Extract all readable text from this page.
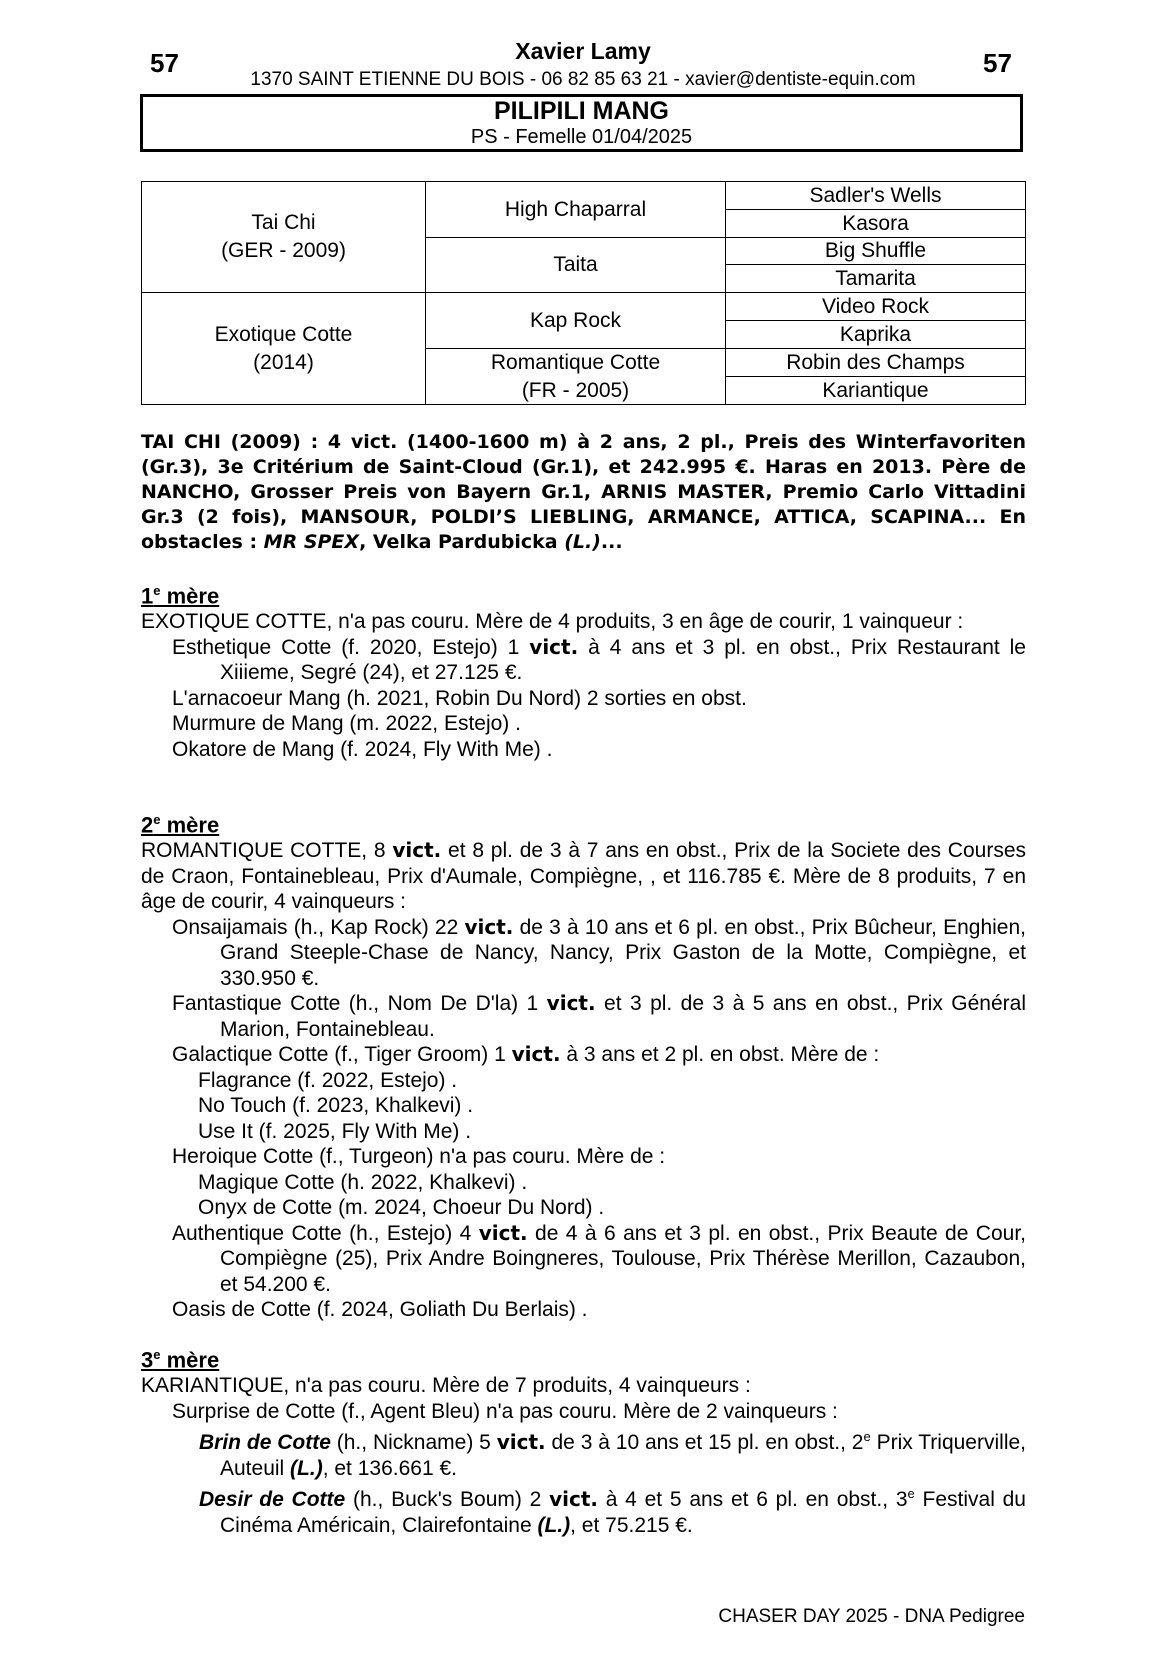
57	57
Xavier Lamy
1370 SAINT ETIENNE DU BOIS - 06 82 85 63 21 - xavier@dentiste-equin.com
PILIPILI MANG
PS - Femelle 01/04/2025
Tai Chi
(GER - 2009)
Exotique Cotte
(2014)
High Chaparral
Taita
Kap Rock
Romantique Cotte
(FR - 2005)
Sadler's Wells
Kasora
Big Shuffle
Tamarita
Video Rock
Kaprika
Robin des Champs
Kariantique
TAI CHI (2009) : 4 vict. (1400-1600 m) à 2 ans, 2 pl., Preis des Winterfavoriten (Gr.3), 3e Critérium de Saint-Cloud (Gr.1), et 242.995 €. Haras en 2013. Père de NANCHO, Grosser Preis von Bayern Gr.1, ARNIS MASTER, Premio Carlo Vittadini Gr.3 (2 fois), MANSOUR, POLDI’S LIEBLING, ARMANCE, ATTICA, SCAPINA... En obstacles : MR SPEX, Velka Pardubicka (L.)...
1e mère
EXOTIQUE COTTE, n'a pas couru. Mère de 4 produits, 3 en âge de courir, 1 vainqueur :
Esthetique Cotte (f. 2020, Estejo) 1 vict. à 4 ans et 3 pl. en obst., Prix Restaurant le Xiiieme, Segré (24), et 27.125 €.
L'arnacoeur Mang (h. 2021, Robin Du Nord) 2 sorties en obst.
Murmure de Mang (m. 2022, Estejo) .
Okatore de Mang (f. 2024, Fly With Me) .
2e mère
ROMANTIQUE COTTE, 8 vict. et 8 pl. de 3 à 7 ans en obst., Prix de la Societe des Courses de Craon, Fontainebleau, Prix d'Aumale, Compiègne, , et 116.785 €. Mère de 8 produits, 7 en âge de courir, 4 vainqueurs :
Onsaijamais (h., Kap Rock) 22 vict. de 3 à 10 ans et 6 pl. en obst., Prix Bûcheur, Enghien, Grand Steeple-Chase de Nancy, Nancy, Prix Gaston de la Motte, Compiègne, et 330.950 €.
Fantastique Cotte (h., Nom De D'la) 1 vict. et 3 pl. de 3 à 5 ans en obst., Prix Général Marion, Fontainebleau.
Galactique Cotte (f., Tiger Groom) 1 vict. à 3 ans et 2 pl. en obst. Mère de :
Flagrance (f. 2022, Estejo) .
No Touch (f. 2023, Khalkevi) .
Use It (f. 2025, Fly With Me) .
Heroique Cotte (f., Turgeon) n'a pas couru. Mère de :
Magique Cotte (h. 2022, Khalkevi) .
Onyx de Cotte (m. 2024, Choeur Du Nord) .
Authentique Cotte (h., Estejo) 4 vict. de 4 à 6 ans et 3 pl. en obst., Prix Beaute de Cour, Compiègne (25), Prix Andre Boingneres, Toulouse, Prix Thérèse Merillon, Cazaubon, et 54.200 €.
Oasis de Cotte (f. 2024, Goliath Du Berlais) .
3e mère
KARIANTIQUE, n'a pas couru. Mère de 7 produits, 4 vainqueurs :
Surprise de Cotte (f., Agent Bleu) n'a pas couru. Mère de 2 vainqueurs :
Brin de Cotte (h., Nickname) 5 vict. de 3 à 10 ans et 15 pl. en obst., 2e Prix Triquerville, Auteuil (L.), et 136.661 €.
Desir de Cotte (h., Buck's Boum) 2 vict. à 4 et 5 ans et 6 pl. en obst., 3e Festival du Cinéma Américain, Clairefontaine (L.), et 75.215 €.
CHASER DAY 2025 - DNA Pedigree
